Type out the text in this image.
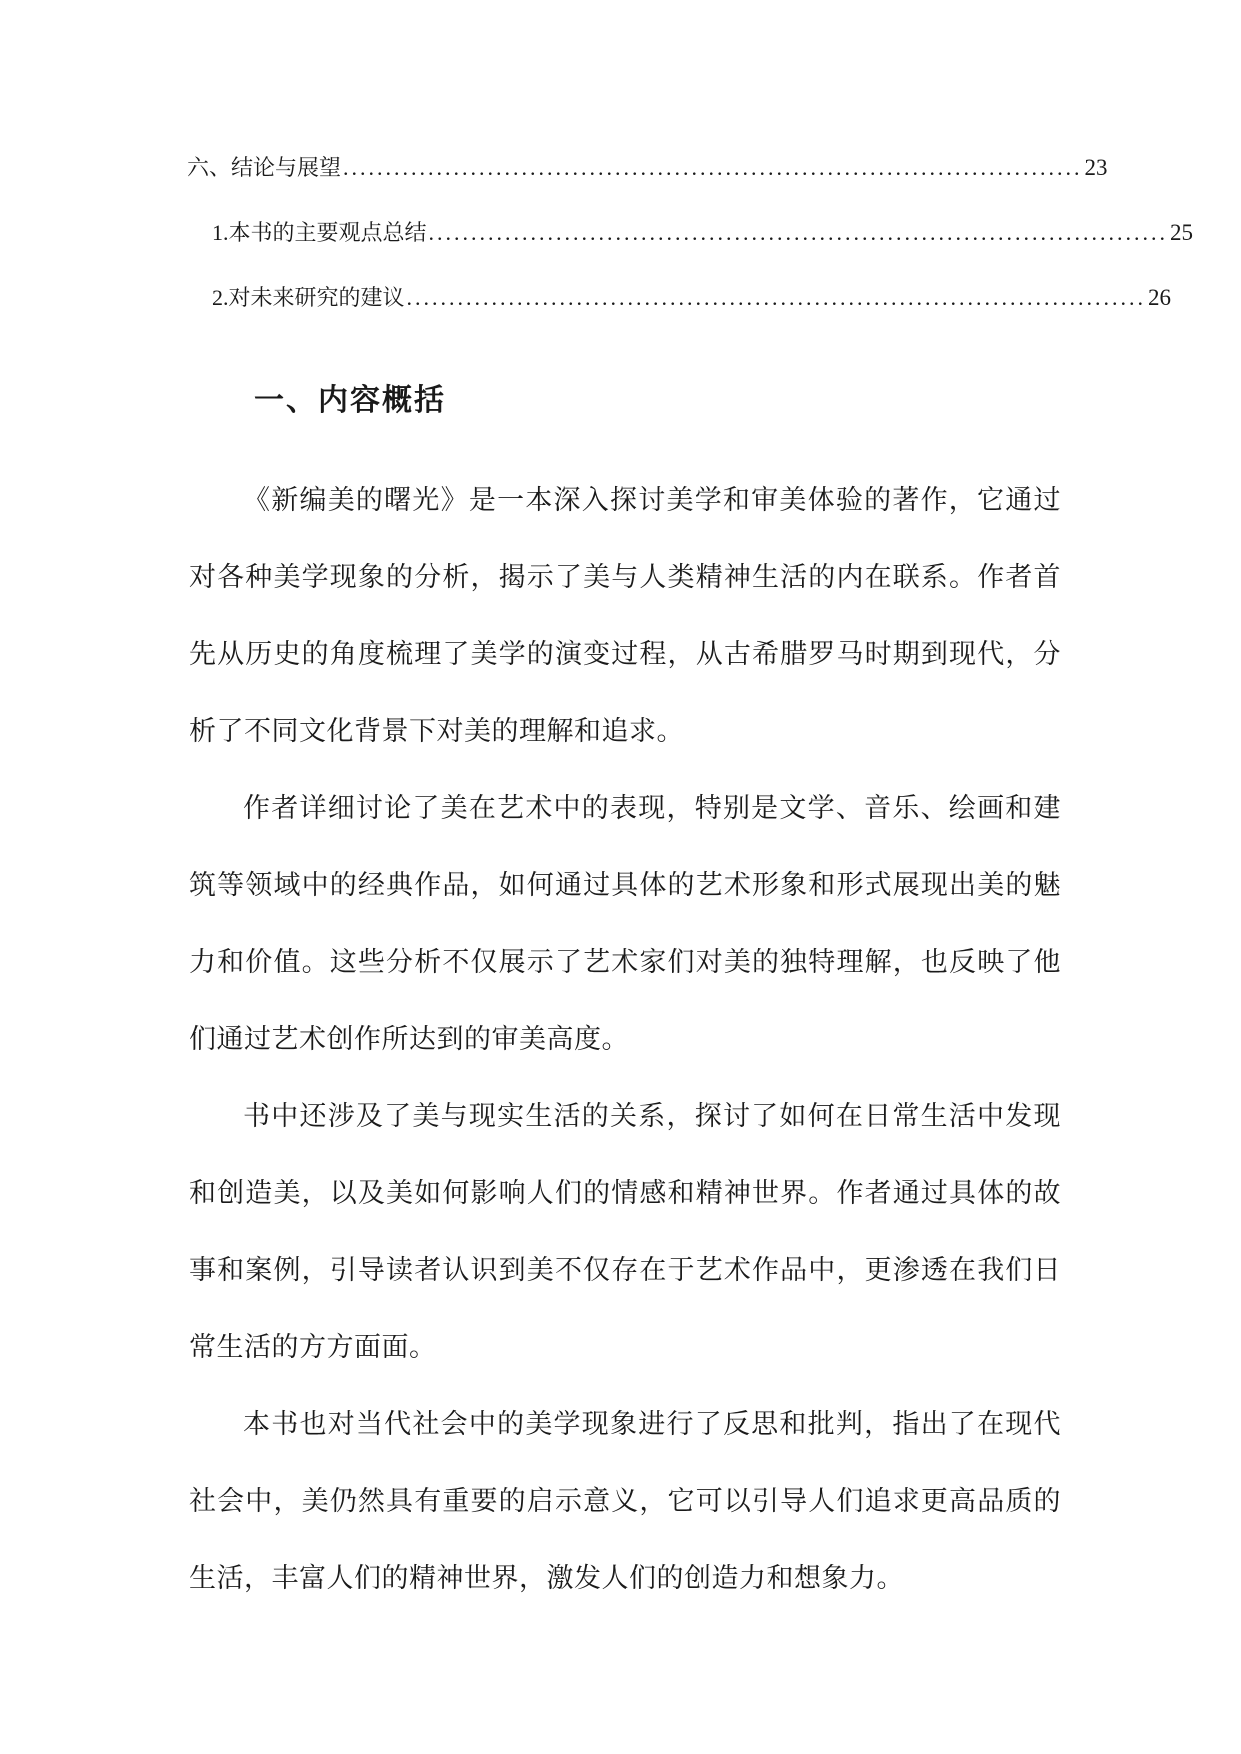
六、结论与展望 ....................................................................................... 23
1. 本书的主要观点总结 ....................................................................................... 25
2. 对未来研究的建议 ....................................................................................... 26
一、内容概括

《新编美的曙光》是一本深入探讨美学和审美体验的著作，它通过对各种美学现象的分析，揭示了美与人类精神生活的内在联系。作者首先从历史的角度梳理了美学的演变过程，从古希腊罗马时期到现代，分析了不同文化背景下对美的理解和追求。

作者详细讨论了美在艺术中的表现，特别是文学、音乐、绘画和建筑等领域中的经典作品，如何通过具体的艺术形象和形式展现出美的魅力和价值。这些分析不仅展示了艺术家们对美的独特理解，也反映了他们通过艺术创作所达到的审美高度。

书中还涉及了美与现实生活的关系，探讨了如何在日常生活中发现和创造美，以及美如何影响人们的情感和精神世界。作者通过具体的故事和案例，引导读者认识到美不仅存在于艺术作品中，更渗透在我们日常生活的方方面面。

本书也对当代社会中的美学现象进行了反思和批判，指出了在现代社会中，美仍然具有重要的启示意义，它可以引导人们追求更高品质的生活，丰富人们的精神世界，激发人们的创造力和想象力。
